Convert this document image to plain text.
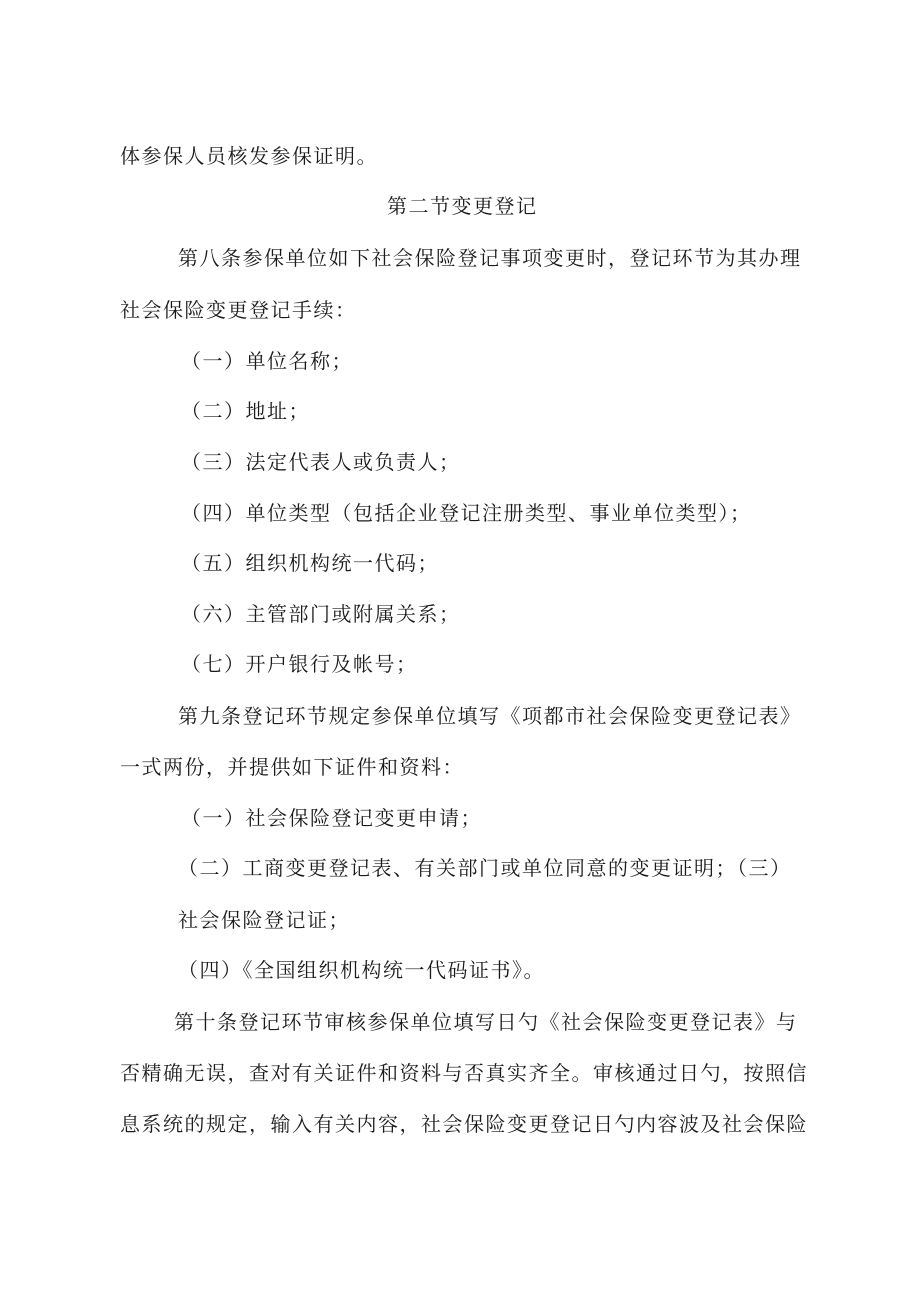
体参保人员核发参保证明。
第二节变更登记
第八条参保单位如下社会保险登记事项变更时，登记环节为其办理
社会保险变更登记手续：
（一）单位名称；
（二）地址；
（三）法定代表人或负责人；
（四）单位类型（包括企业登记注册类型、事业单位类型）；
（五）组织机构统一代码；
（六）主管部门或附属关系；
（七）开户银行及帐号；
第九条登记环节规定参保单位填写《项都市社会保险变更登记表》
一式两份，并提供如下证件和资料：
（一）社会保险登记变更申请；
（二）工商变更登记表、有关部门或单位同意的变更证明；（三）
社会保险登记证；
（四）《全国组织机构统一代码证书》。
第十条登记环节审核参保单位填写日勺《社会保险变更登记表》与
否精确无误，查对有关证件和资料与否真实齐全。审核通过日勺，按照信
息系统的规定，输入有关内容，社会保险变更登记日勺内容波及社会保险
